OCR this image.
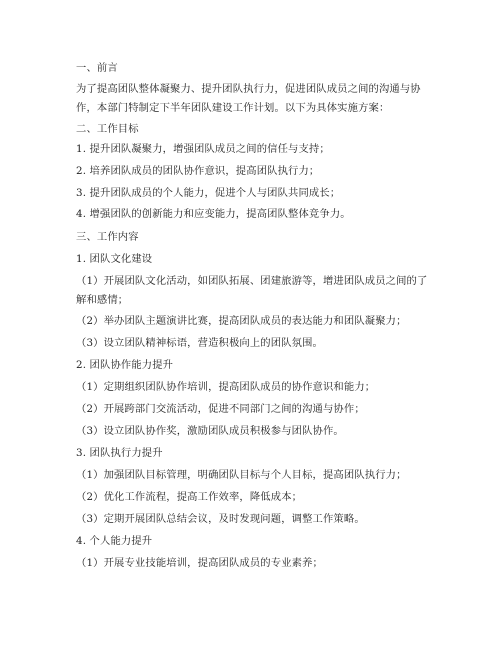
一、前言
为了提高团队整体凝聚力、提升团队执行力，促进团队成员之间的沟通与协作，本部门特制定下半年团队建设工作计划。以下为具体实施方案：
二、工作目标
1. 提升团队凝聚力，增强团队成员之间的信任与支持；
2. 培养团队成员的团队协作意识，提高团队执行力；
3. 提升团队成员的个人能力，促进个人与团队共同成长；
4. 增强团队的创新能力和应变能力，提高团队整体竞争力。
三、工作内容
1. 团队文化建设
（1）开展团队文化活动，如团队拓展、团建旅游等，增进团队成员之间的了解和感情；
（2）举办团队主题演讲比赛，提高团队成员的表达能力和团队凝聚力；
（3）设立团队精神标语，营造积极向上的团队氛围。
2. 团队协作能力提升
（1）定期组织团队协作培训，提高团队成员的协作意识和能力；
（2）开展跨部门交流活动，促进不同部门之间的沟通与协作；
（3）设立团队协作奖，激励团队成员积极参与团队协作。
3. 团队执行力提升
（1）加强团队目标管理，明确团队目标与个人目标，提高团队执行力；
（2）优化工作流程，提高工作效率，降低成本；
（3）定期开展团队总结会议，及时发现问题，调整工作策略。
4. 个人能力提升
（1）开展专业技能培训，提高团队成员的专业素养；
